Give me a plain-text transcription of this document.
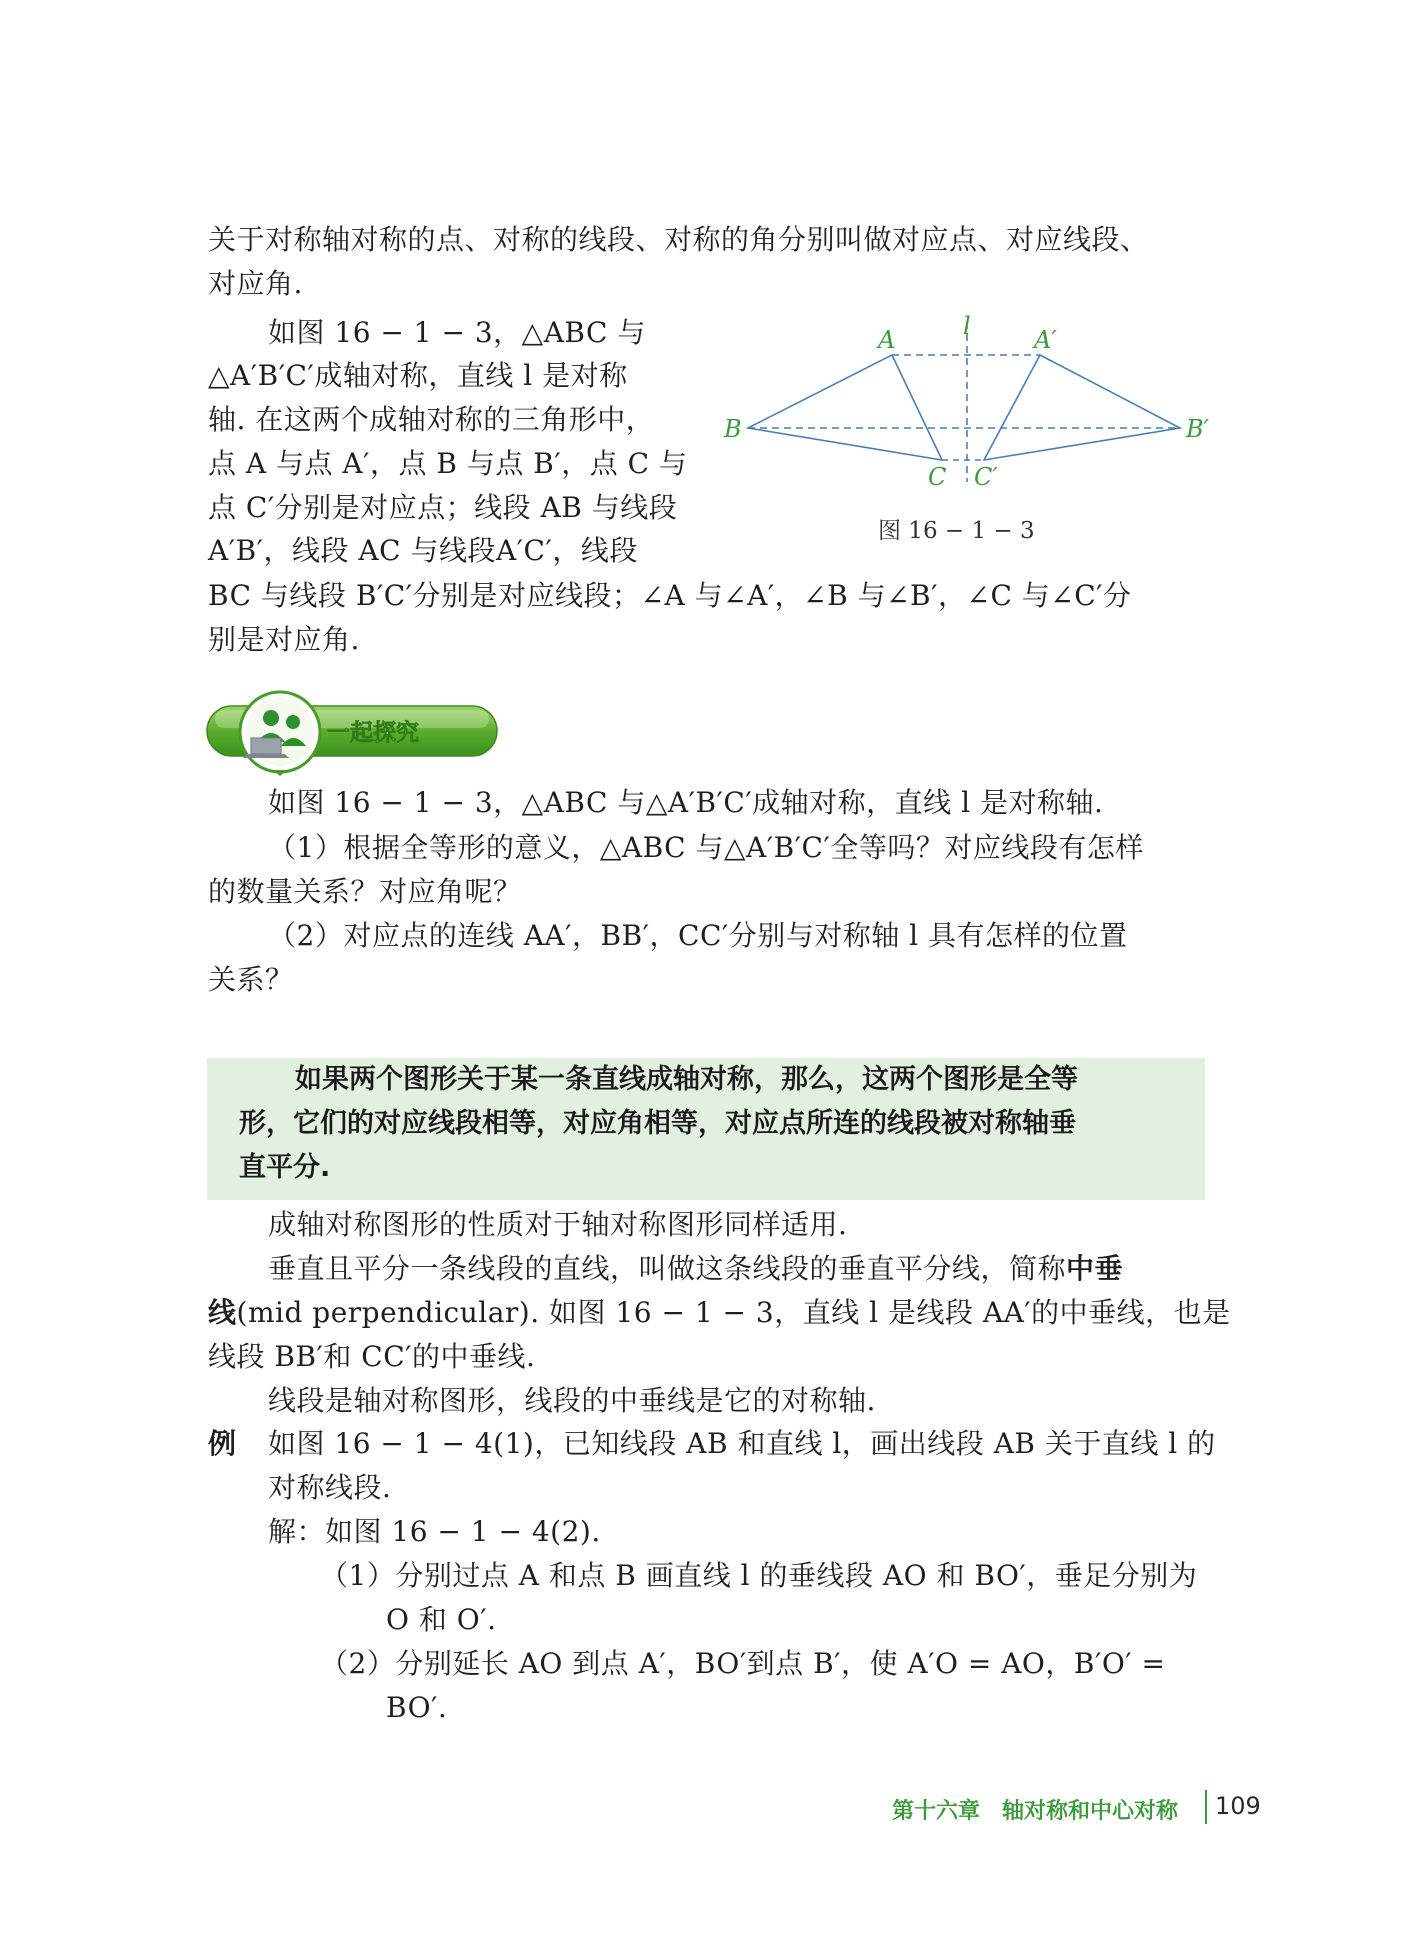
关于对称轴对称的点、对称的线段、对称的角分别叫做对应点、对应线段、
对应角.
如图 16 − 1 − 3，△ABC 与
△A′B′C′成轴对称，直线 l 是对称
轴. 在这两个成轴对称的三角形中，
点 A 与点 A′，点 B 与点 B′，点 C 与
点 C′分别是对应点；线段 AB 与线段
A′B′，线段 AC 与线段A′C′，线段
BC 与线段 B′C′分别是对应线段；∠A 与∠A′，∠B 与∠B′，∠C 与∠C′分
别是对应角.
A	A′
l
B	B′
C C′
图 16 − 1 − 3
一起探究
如图 16 − 1 − 3，△ABC 与△A′B′C′成轴对称，直线 l 是对称轴.
（1）根据全等形的意义，△ABC 与△A′B′C′全等吗？对应线段有怎样
的数量关系？对应角呢？
（2）对应点的连线 AA′，BB′，CC′分别与对称轴 l 具有怎样的位置
关系？
如果两个图形关于某一条直线成轴对称，那么，这两个图形是全等
形，它们的对应线段相等，对应角相等，对应点所连的线段被对称轴垂
直平分.
成轴对称图形的性质对于轴对称图形同样适用.
垂直且平分一条线段的直线，叫做这条线段的垂直平分线，简称中垂
线(mid perpendicular). 如图 16 − 1 − 3，直线 l 是线段 AA′的中垂线，也是
线段 BB′和 CC′的中垂线.
线段是轴对称图形，线段的中垂线是它的对称轴.
例 如图 16 − 1 − 4(1)，已知线段 AB 和直线 l，画出线段 AB 关于直线 l 的
对称线段.
解：如图 16 − 1 − 4(2).
（1）分别过点 A 和点 B 画直线 l 的垂线段 AO 和 BO′，垂足分别为
O 和 O′.
（2）分别延长 AO 到点 A′，BO′到点 B′，使 A′O = AO，B′O′ =
BO′.
第十六章　轴对称和中心对称 109
